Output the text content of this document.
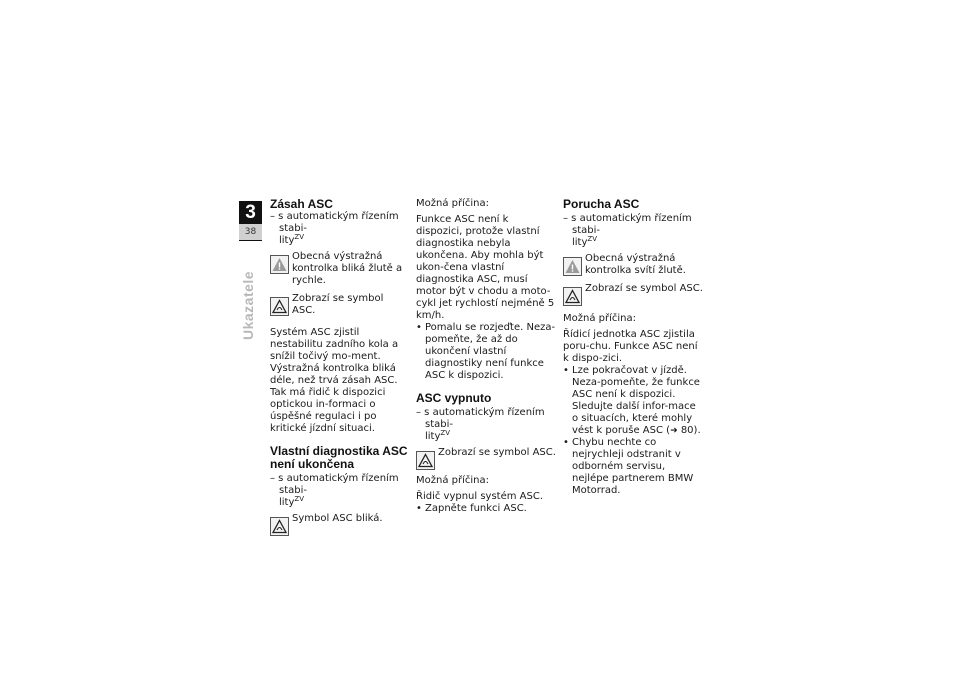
3
38
Ukazatele
Zásah ASC

– s automatickým řízením stabi-
lity$^{ZV}$

Obecná výstražná kontrolka bliká žlutě a rychle.

Zobrazí se symbol ASC.

Systém ASC zjistil nestabilitu zadního kola a snížil točivý mo-ment. Výstražná kontrolka bliká déle, než trvá zásah ASC. Tak má řidič k dispozici optickou in-formaci o úspěšné regulaci i po kritické jízdní situaci.

Vlastní diagnostika ASC není ukončena

– s automatickým řízením stabi-
lity$^{ZV}$

Symbol ASC bliká.

Možná příčina:

Funkce ASC není k dispozici, protože vlastní diagnostika nebyla ukončena. Aby mohla být ukon-čena vlastní diagnostika ASC, musí motor být v chodu a moto-cykl jet rychlostí nejméně 5 km/h.

• Pomalu se rozjeďte. Neza-pomeňte, že až do ukončení vlastní diagnostiky není funkce ASC k dispozici.

ASC vypnuto

– s automatickým řízením stabi-
lity$^{ZV}$

Zobrazí se symbol ASC.

Možná příčina:

Řidič vypnul systém ASC.

• Zapněte funkci ASC.

Porucha ASC

– s automatickým řízením stabi-
lity$^{ZV}$

Obecná výstražná kontrolka svítí žlutě.

Zobrazí se symbol ASC.

Možná příčina:

Řídicí jednotka ASC zjistila poru-chu. Funkce ASC není k dispo-zici.

• Lze pokračovat v jízdě. Neza-pomeňte, že funkce ASC není k dispozici. Sledujte další infor-mace o situacích, které mohly vést k poruše ASC (➜ 80).

• Chybu nechte co nejrychleji odstranit v odborném servisu, nejlépe partnerem BMW Motorrad.
